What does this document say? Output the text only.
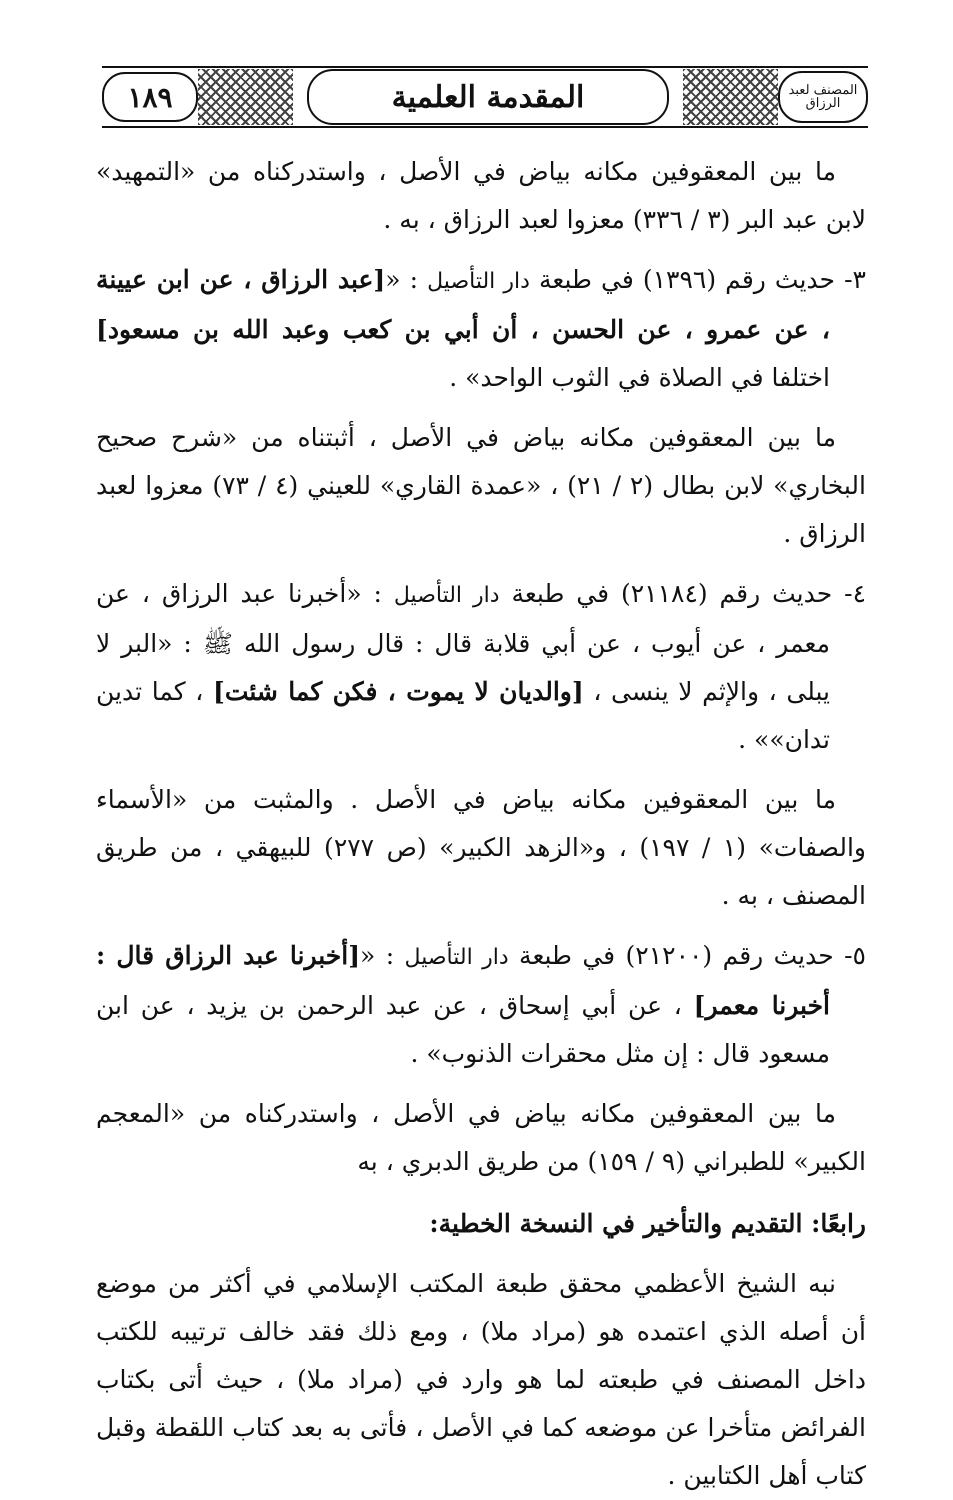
المصنف لعبد الرزاق
المقدمة العلمية
١٨٩

ما بين المعقوفين مكانه بياض في الأصل ، واستدركناه من «التمهيد» لابن عبد البر (٣ / ٣٣٦) معزوا لعبد الرزاق ، به .

٣- حديث رقم (١٣٩٦) في طبعة دار التأصيل : «[عبد الرزاق ، عن ابن عيينة ، عن عمرو ، عن الحسن ، أن أبي بن كعب وعبد الله بن مسعود] اختلفا في الصلاة في الثوب الواحد» .

ما بين المعقوفين مكانه بياض في الأصل ، أثبتناه من «شرح صحيح البخاري» لابن بطال (٢ / ٢١) ، «عمدة القاري» للعيني (٤ / ٧٣) معزوا لعبد الرزاق .

٤- حديث رقم (٢١١٨٤) في طبعة دار التأصيل : «أخبرنا عبد الرزاق ، عن معمر ، عن أيوب ، عن أبي قلابة قال : قال رسول الله ﷺ : «البر لا يبلى ، والإثم لا ينسى ، [والديان لا يموت ، فكن كما شئت] ، كما تدين تدان»» .

ما بين المعقوفين مكانه بياض في الأصل . والمثبت من «الأسماء والصفات» (١ / ١٩٧) ، و«الزهد الكبير» (ص ٢٧٧) للبيهقي ، من طريق المصنف ، به .

٥- حديث رقم (٢١٢٠٠) في طبعة دار التأصيل : «[أخبرنا عبد الرزاق قال : أخبرنا معمر] ، عن أبي إسحاق ، عن عبد الرحمن بن يزيد ، عن ابن مسعود قال : إن مثل محقرات الذنوب» .

ما بين المعقوفين مكانه بياض في الأصل ، واستدركناه من «المعجم الكبير» للطبراني (٩ / ١٥٩) من طريق الدبري ، به

رابعًا: التقديم والتأخير في النسخة الخطية:

نبه الشيخ الأعظمي محقق طبعة المكتب الإسلامي في أكثر من موضع أن أصله الذي اعتمده هو (مراد ملا) ، ومع ذلك فقد خالف ترتيبه للكتب داخل المصنف في طبعته لما هو وارد في (مراد ملا) ، حيث أتى بكتاب الفرائض متأخرا عن موضعه كما في الأصل ، فأتى به بعد كتاب اللقطة وقبل كتاب أهل الكتابين .
